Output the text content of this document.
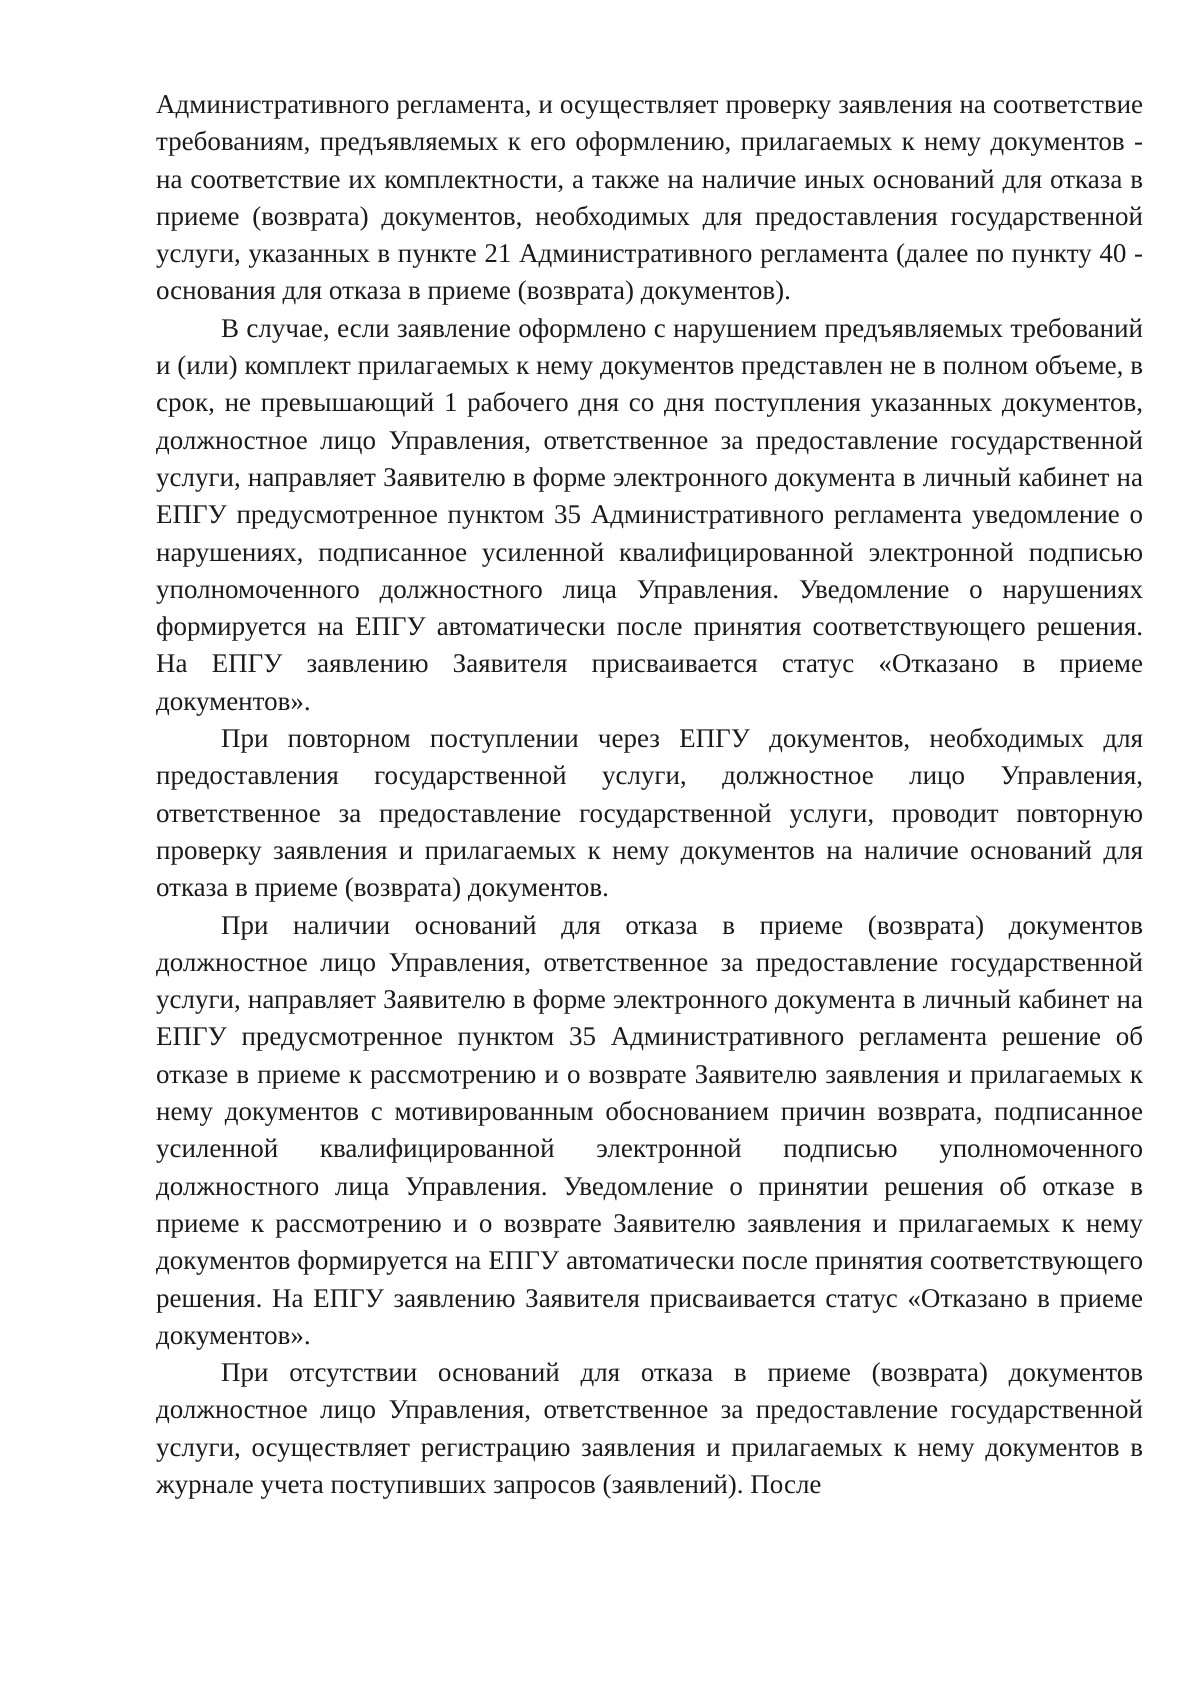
Административного регламента, и осуществляет проверку заявления на соответствие требованиям, предъявляемых к его оформлению, прилагаемых к нему документов - на соответствие их комплектности, а также на наличие иных оснований для отказа в приеме (возврата) документов, необходимых для предоставления государственной услуги, указанных в пункте 21 Административного регламента (далее по пункту 40 - основания для отказа в приеме (возврата) документов).

В случае, если заявление оформлено с нарушением предъявляемых требований и (или) комплект прилагаемых к нему документов представлен не в полном объеме, в срок, не превышающий 1 рабочего дня со дня поступления указанных документов, должностное лицо Управления, ответственное за предоставление государственной услуги, направляет Заявителю в форме электронного документа в личный кабинет на ЕПГУ предусмотренное пунктом 35 Административного регламента уведомление о нарушениях, подписанное усиленной квалифицированной электронной подписью уполномоченного должностного лица Управления. Уведомление о нарушениях формируется на ЕПГУ автоматически после принятия соответствующего решения. На ЕПГУ заявлению Заявителя присваивается статус «Отказано в приеме документов».

При повторном поступлении через ЕПГУ документов, необходимых для предоставления государственной услуги, должностное лицо Управления, ответственное за предоставление государственной услуги, проводит повторную проверку заявления и прилагаемых к нему документов на наличие оснований для отказа в приеме (возврата) документов.

При наличии оснований для отказа в приеме (возврата) документов должностное лицо Управления, ответственное за предоставление государственной услуги, направляет Заявителю в форме электронного документа в личный кабинет на ЕПГУ предусмотренное пунктом 35 Административного регламента решение об отказе в приеме к рассмотрению и о возврате Заявителю заявления и прилагаемых к нему документов с мотивированным обоснованием причин возврата, подписанное усиленной квалифицированной электронной подписью уполномоченного должностного лица Управления. Уведомление о принятии решения об отказе в приеме к рассмотрению и о возврате Заявителю заявления и прилагаемых к нему документов формируется на ЕПГУ автоматически после принятия соответствующего решения. На ЕПГУ заявлению Заявителя присваивается статус «Отказано в приеме документов».

При отсутствии оснований для отказа в приеме (возврата) документов должностное лицо Управления, ответственное за предоставление государственной услуги, осуществляет регистрацию заявления и прилагаемых к нему документов в журнале учета поступивших запросов (заявлений). После
